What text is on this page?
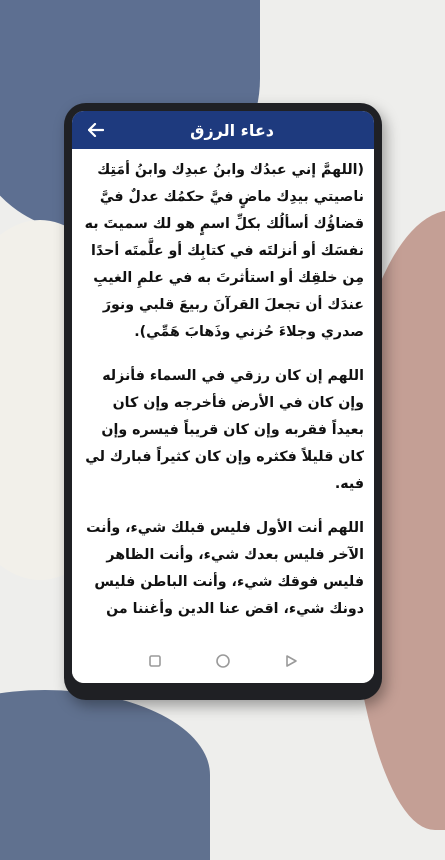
دعاء الرزق

(اللهمَّ إني عبدُك وابنُ عبدِك وابنُ أمَتِك ناصيتي بيدِك ماضٍ فيَّ حكمُك عدلٌ فيَّ قضاؤُك أسألُك بكلِّ اسمٍ هو لك سميتَ به نفسَك أو أنزلتَه في كتابِك أو علَّمتَه أحدًا مِن خلقِك أو استأثرتَ به في علمِ الغيبِ عندَك أن تجعلَ القرآنَ ربيعَ قلبي ونورَ صدري وجلاءَ حُزني وذَهابَ هَمِّي).

اللهم إن كان رزقي في السماء فأنزله وإن كان في الأرض فأخرجه وإن كان بعيداً فقربه وإن كان قريباً فيسره وإن كان قليلاً فكثره وإن كان كثيراً فبارك لي فيه.

اللهم أنت الأول فليس قبلك شيء، وأنت الآخر فليس بعدك شيء، وأنت الظاهر فليس فوقك شيء، وأنت الباطن فليس دونك شيء، اقض عنا الدين وأغننا من
